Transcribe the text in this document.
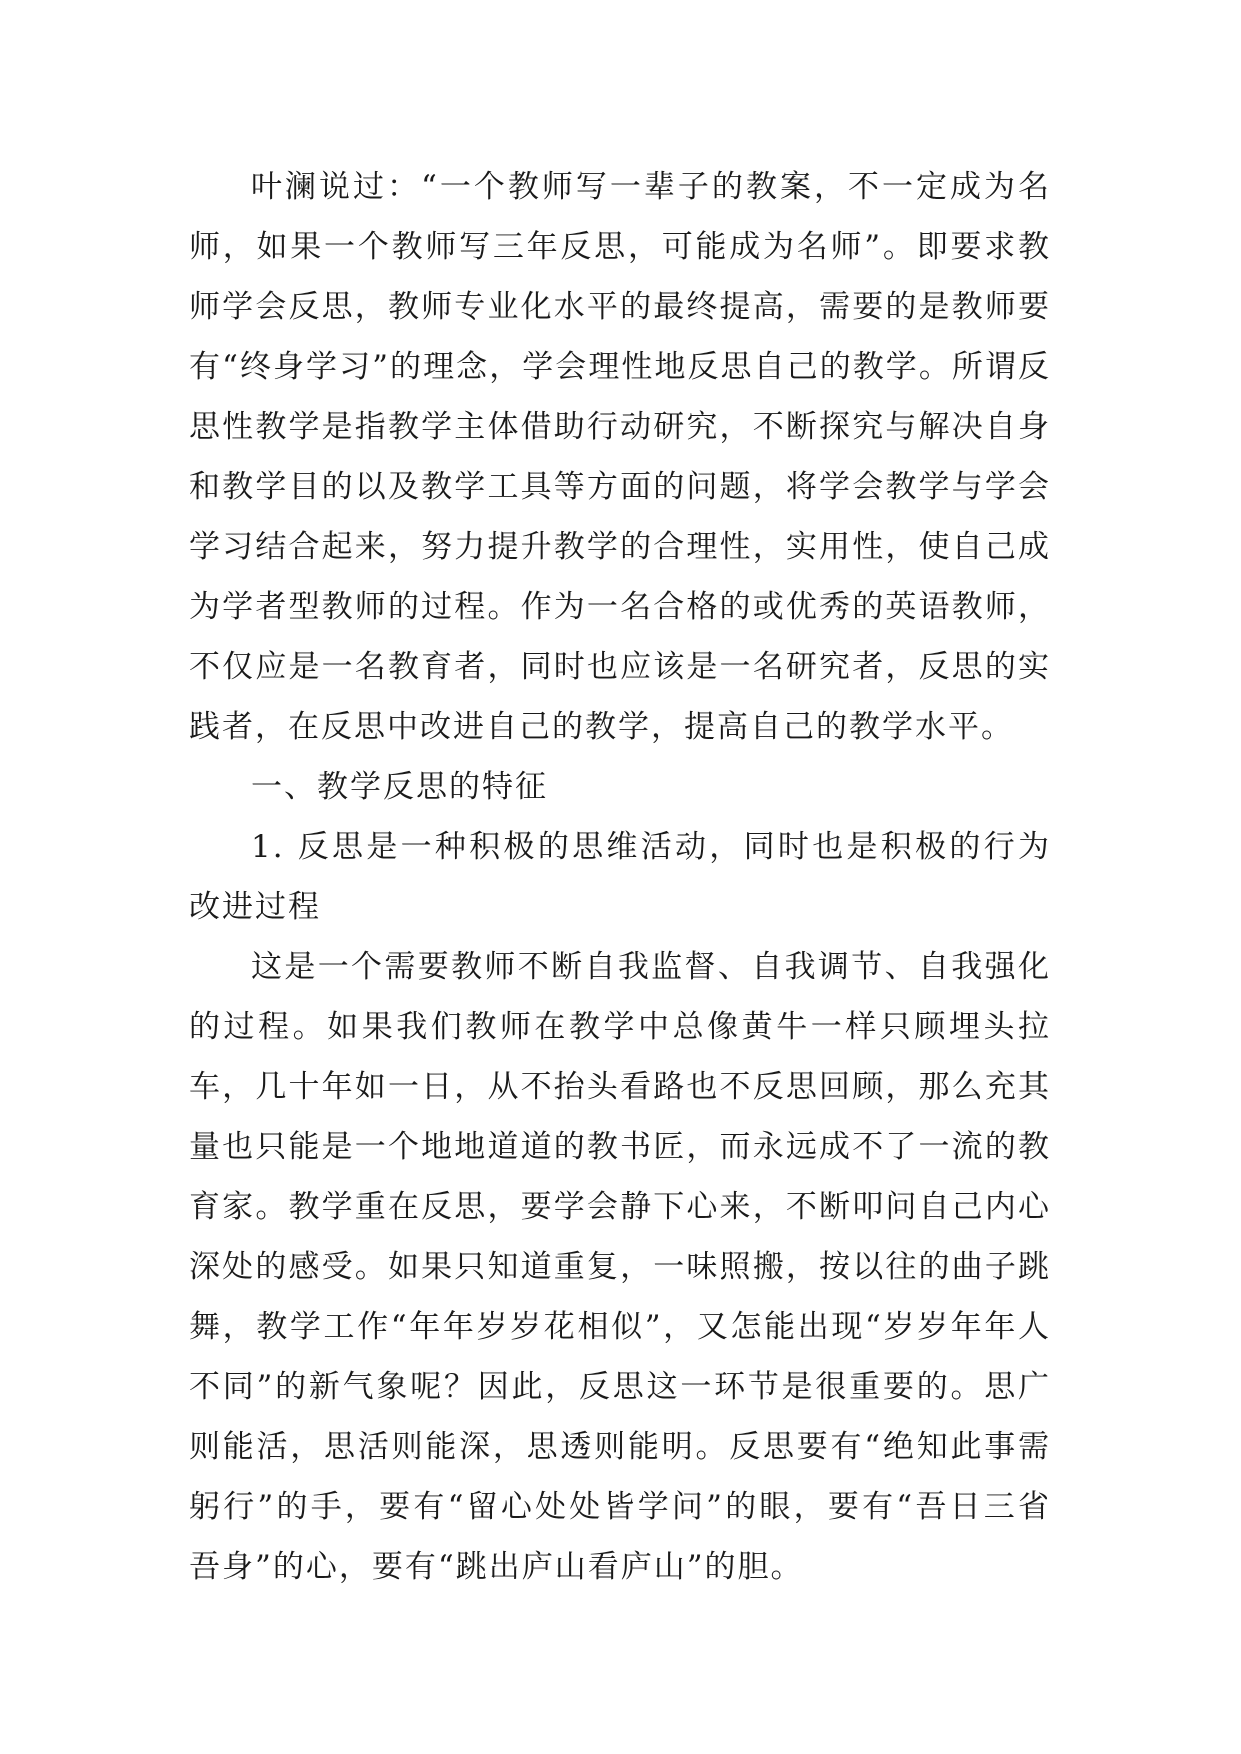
叶澜说过：“一个教师写一辈子的教案，不一定成为名师，如果一个教师写三年反思，可能成为名师”。即要求教师学会反思，教师专业化水平的最终提高，需要的是教师要有“终身学习”的理念，学会理性地反思自己的教学。所谓反思性教学是指教学主体借助行动研究，不断探究与解决自身和教学目的以及教学工具等方面的问题，将学会教学与学会学习结合起来，努力提升教学的合理性，实用性，使自己成为学者型教师的过程。作为一名合格的或优秀的英语教师，不仅应是一名教育者，同时也应该是一名研究者，反思的实践者，在反思中改进自己的教学，提高自己的教学水平。

一、教学反思的特征

1. 反思是一种积极的思维活动，同时也是积极的行为改进过程

这是一个需要教师不断自我监督、自我调节、自我强化的过程。如果我们教师在教学中总像黄牛一样只顾埋头拉车，几十年如一日，从不抬头看路也不反思回顾，那么充其量也只能是一个地地道道的教书匠，而永远成不了一流的教育家。教学重在反思，要学会静下心来，不断叩问自己内心深处的感受。如果只知道重复，一味照搬，按以往的曲子跳舞，教学工作“年年岁岁花相似”，又怎能出现“岁岁年年人不同”的新气象呢？因此，反思这一环节是很重要的。思广则能活，思活则能深，思透则能明。反思要有“绝知此事需躬行”的手，要有“留心处处皆学问”的眼，要有“吾日三省吾身”的心，要有“跳出庐山看庐山”的胆。
